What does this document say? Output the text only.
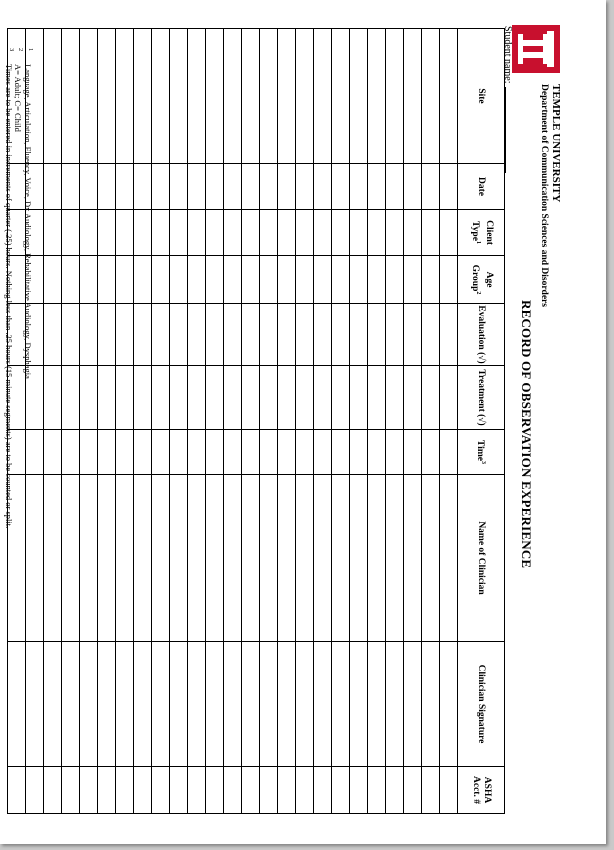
TEMPLE UNIVERSITY
Department of Communication Sciences and Disorders
RECORD OF OBSERVATION EXPERIENCE
Student name:
Site	Date	Client Type$^1$	Age Group$^2$	Evaluation (√)	Treatment (√)	Time$^3$	Name of Clinician	Clinician Signature	ASHA Acct. #

1
Language, Articulation, Fluency, Voice, Dx Audiology, Rehabilitative Audiology, Dysphagia
2
A= Adult; C= Child
3
Times are to be entered in increments of quarter (.25) hours. Nothing less than .25 hours (15 minute segments) are to be counted or split.
